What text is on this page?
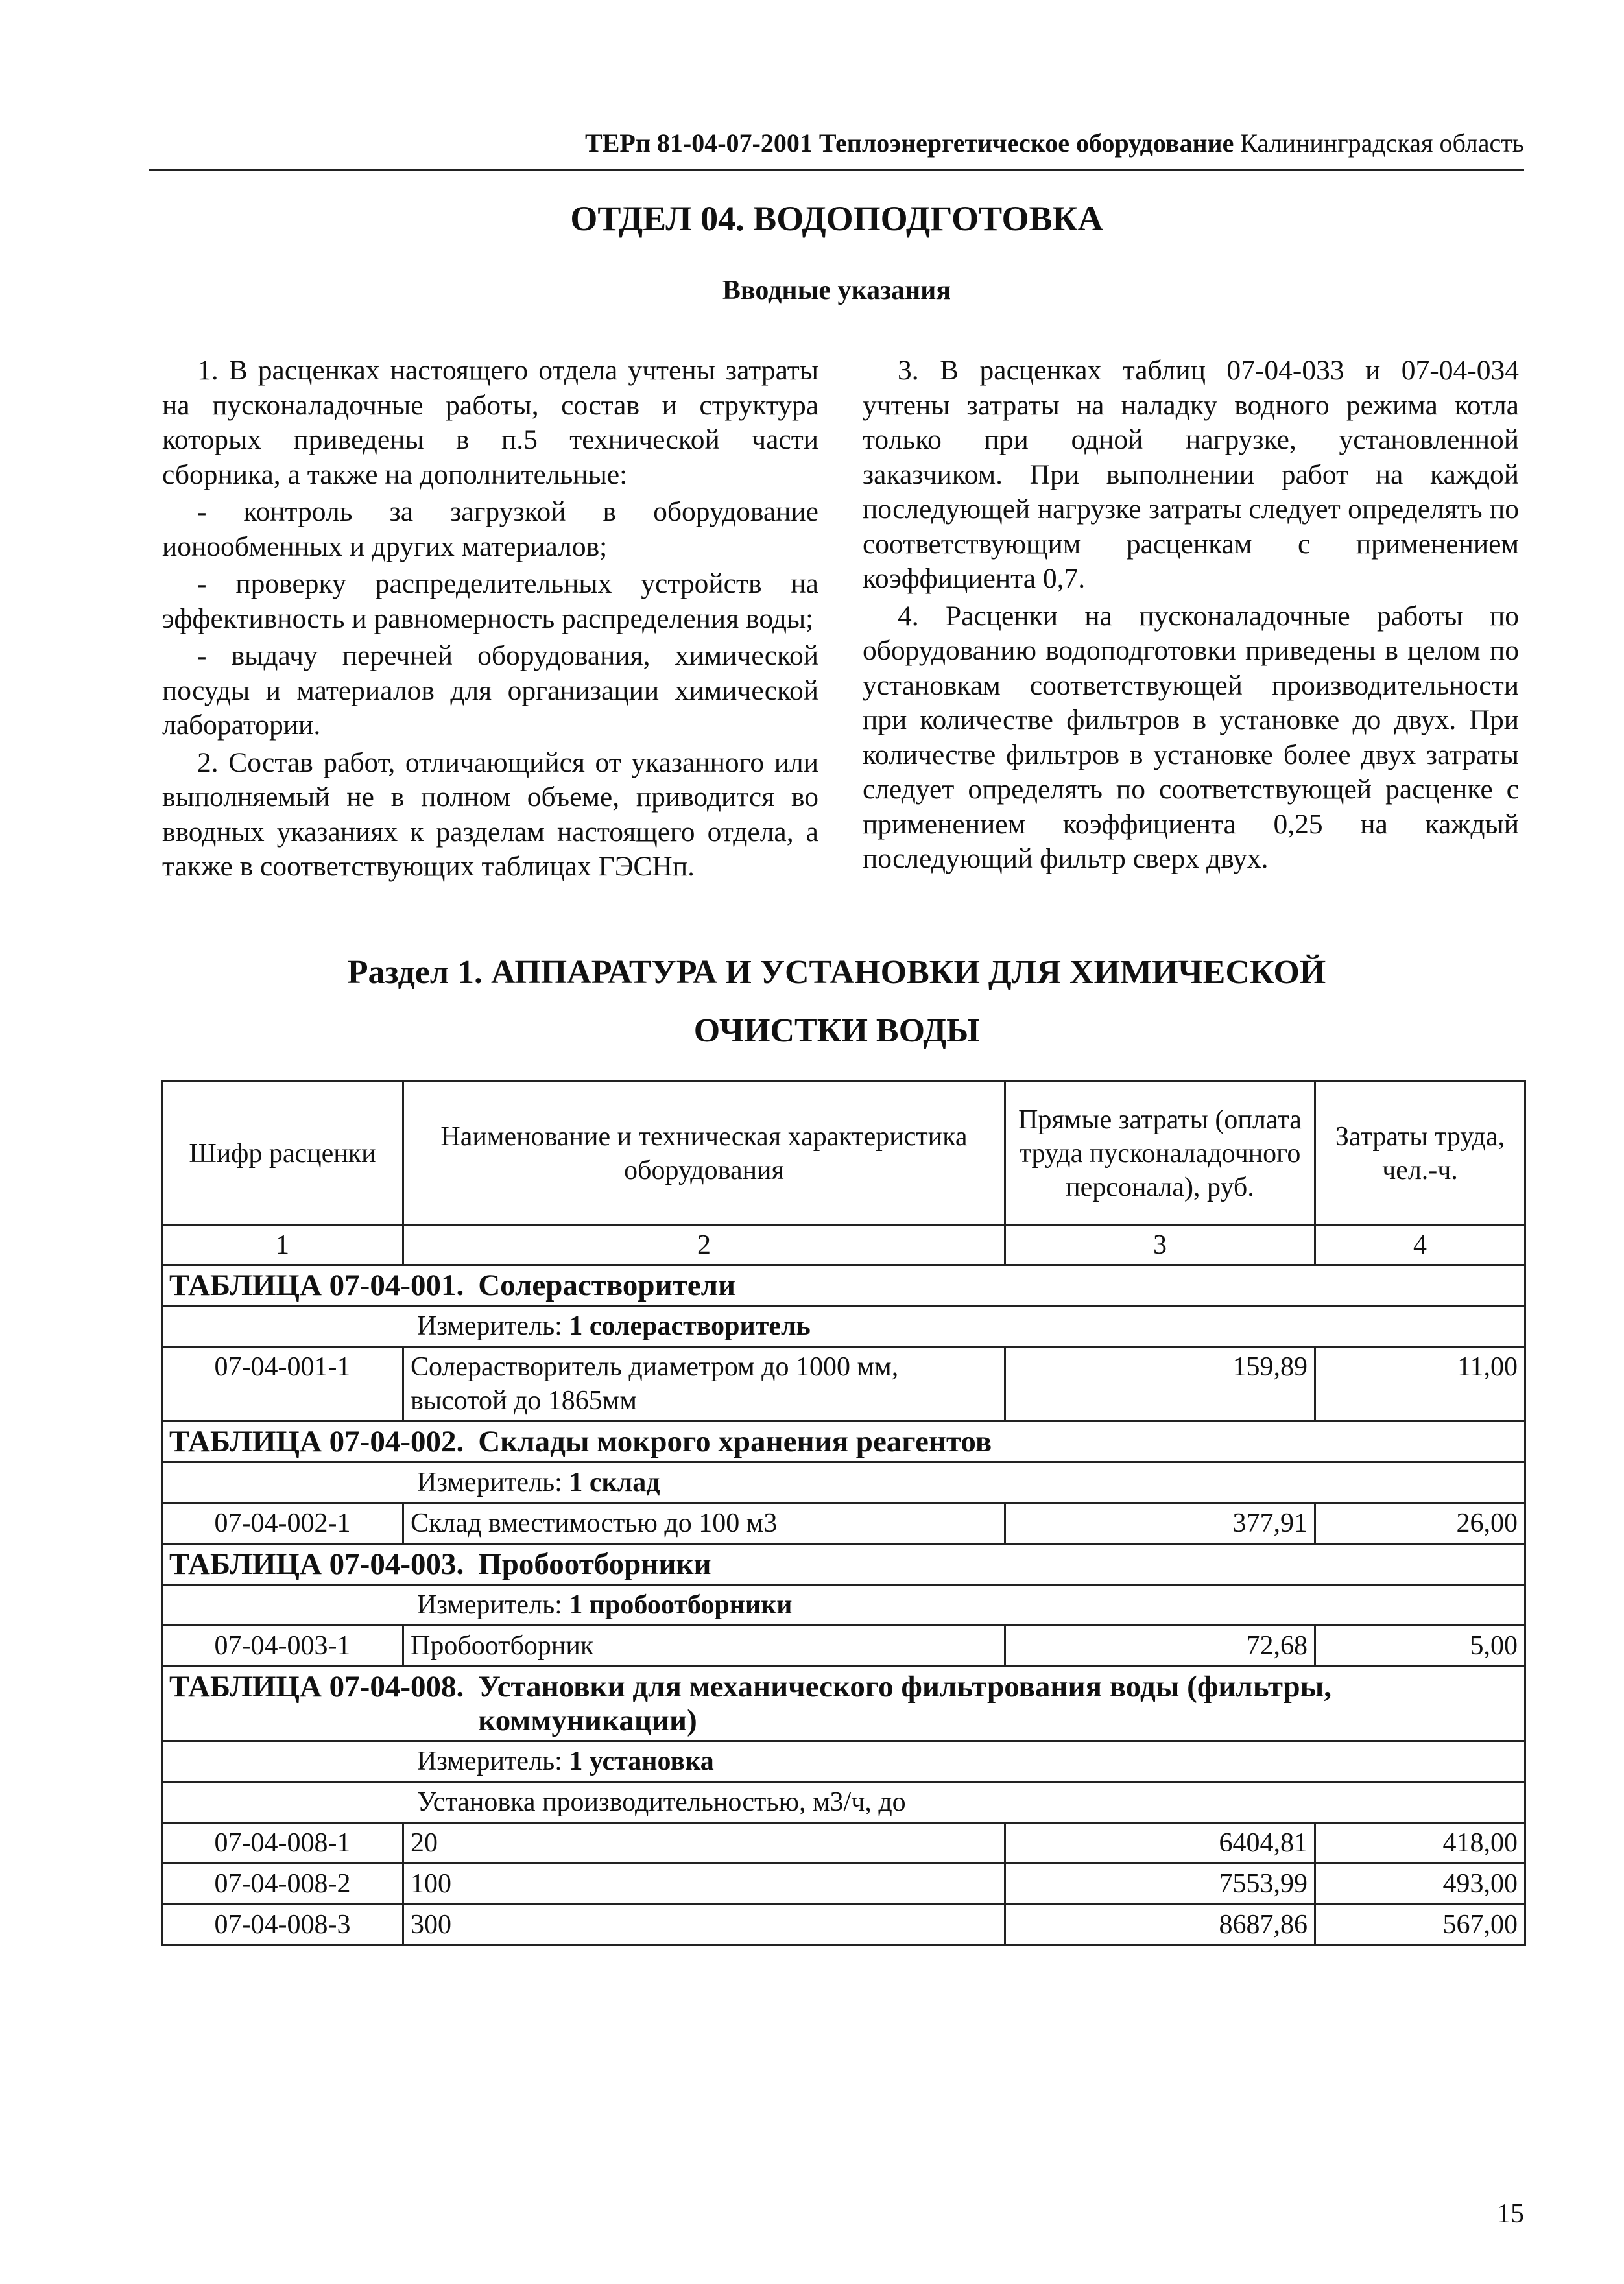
ТЕРп 81-04-07-2001 Теплоэнергетическое оборудование Калининградская область
ОТДЕЛ 04. ВОДОПОДГОТОВКА
Вводные указания

1. В расценках настоящего отдела учтены затраты на пусконаладочные работы, состав и структура которых приведены в п.5 технической части сборника, а также на дополнительные:

- контроль за загрузкой в оборудование ионообменных и других материалов;

- проверку распределительных устройств на эффективность и равномерность распределения воды;

- выдачу перечней оборудования, химической посуды и материалов для организации химической лаборатории.

2. Состав работ, отличающийся от указанного или выполняемый не в полном объеме, приводится во вводных указаниях к разделам настоящего отдела, а также в соответствующих таблицах ГЭСНп.

3. В расценках таблиц 07-04-033 и 07-04-034 учтены затраты на наладку водного режима котла только при одной нагрузке, установленной заказчиком. При выполнении работ на каждой последующей нагрузке затраты следует определять по соответствующим расценкам с применением коэффициента 0,7.

4. Расценки на пусконаладочные работы по оборудованию водоподготовки приведены в целом по установкам соответствующей производительности при количестве фильтров в установке до двух. При количестве фильтров в установке более двух затраты следует определять по соответствующей расценке с применением коэффициента 0,25 на каждый последующий фильтр сверх двух.

Раздел 1. АППАРАТУРА И УСТАНОВКИ ДЛЯ ХИМИЧЕСКОЙ
ОЧИСТКИ ВОДЫ
Шифр расценки	Наименование и техническая характеристика оборудования	Прямые затраты (оплата труда пусконаладочного персонала), руб.	Затраты труда, чел.-ч.
1	2	3	4

ТАБЛИЦА 07-04-001. Солерастворители			

Измеритель: 1 солерастворитель			

07-04-001-1	Солерастворитель диаметром до 1000 мм, высотой до 1865мм	159,89	11,00

ТАБЛИЦА 07-04-002. Склады мокрого хранения реагентов			

Измеритель: 1 склад			

07-04-002-1	Склад вместимостью до 100 м3	377,91	26,00

ТАБЛИЦА 07-04-003. Пробоотборники			

Измеритель: 1 пробоотборники			

07-04-003-1	Пробоотборник	72,68	5,00

ТАБЛИЦА 07-04-008. Установки для механического фильтрования воды (фильтры, коммуникации)			

Измеритель: 1 установка			

Установка производительностью, м3/ч, до			

07-04-008-1	20	6404,81	418,00
07-04-008-2	100	7553,99	493,00
07-04-008-3	300	8687,86	567,00
15
